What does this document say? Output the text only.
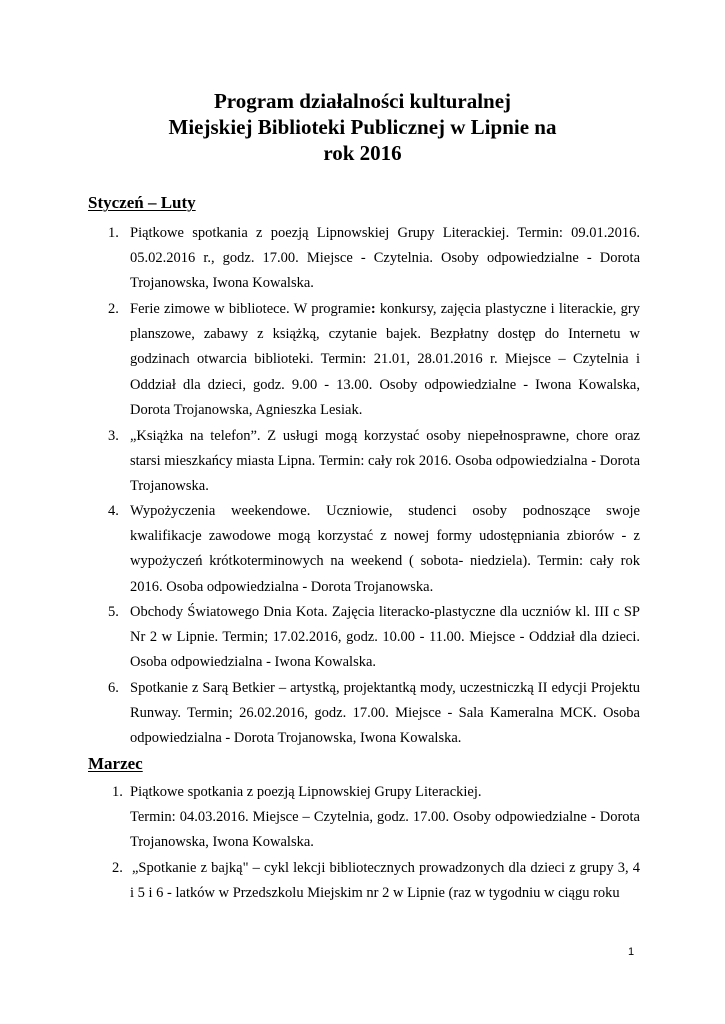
Program działalności kulturalnej
Miejskiej Biblioteki Publicznej w Lipnie na
rok 2016
Styczeń – Luty
1. Piątkowe spotkania z poezją Lipnowskiej Grupy Literackiej. Termin: 09.01.2016. 05.02.2016 r., godz. 17.00. Miejsce - Czytelnia. Osoby odpowiedzialne - Dorota Trojanowska, Iwona Kowalska.

2. Ferie zimowe w bibliotece. W programie: konkursy, zajęcia plastyczne i literackie, gry planszowe, zabawy z książką, czytanie bajek. Bezpłatny dostęp do Internetu w godzinach otwarcia biblioteki. Termin: 21.01, 28.01.2016 r. Miejsce – Czytelnia i Oddział dla dzieci, godz. 9.00 - 13.00. Osoby odpowiedzialne - Iwona Kowalska, Dorota Trojanowska, Agnieszka Lesiak.

3. „Książka na telefon”. Z usługi mogą korzystać osoby niepełnosprawne, chore oraz starsi mieszkańcy miasta Lipna. Termin: cały rok 2016. Osoba odpowiedzialna - Dorota Trojanowska.

4. Wypożyczenia weekendowe. Uczniowie, studenci osoby podnoszące swoje kwalifikacje zawodowe mogą korzystać z nowej formy udostępniania zbiorów - z wypożyczeń krótkoterminowych na weekend ( sobota- niedziela). Termin: cały rok 2016. Osoba odpowiedzialna - Dorota Trojanowska.

5. Obchody Światowego Dnia Kota. Zajęcia literacko-plastyczne dla uczniów kl. III c SP Nr 2 w Lipnie. Termin; 17.02.2016, godz. 10.00 - 11.00. Miejsce - Oddział dla dzieci. Osoba odpowiedzialna - Iwona Kowalska.

6. Spotkanie z Sarą Betkier – artystką, projektantką mody, uczestniczką II edycji Projektu Runway. Termin; 26.02.2016, godz. 17.00. Miejsce - Sala Kameralna MCK. Osoba odpowiedzialna - Dorota Trojanowska, Iwona Kowalska.

Marzec
1. Piątkowe spotkania z poezją Lipnowskiej Grupy Literackiej.

Termin: 04.03.2016. Miejsce – Czytelnia, godz. 17.00. Osoby odpowiedzialne - Dorota Trojanowska, Iwona Kowalska.

2. „Spotkanie z bajką" – cykl lekcji bibliotecznych prowadzonych dla dzieci z grupy 3, 4 i 5 i 6 - latków w Przedszkolu Miejskim nr 2 w Lipnie (raz w tygodniu w ciągu roku

1
